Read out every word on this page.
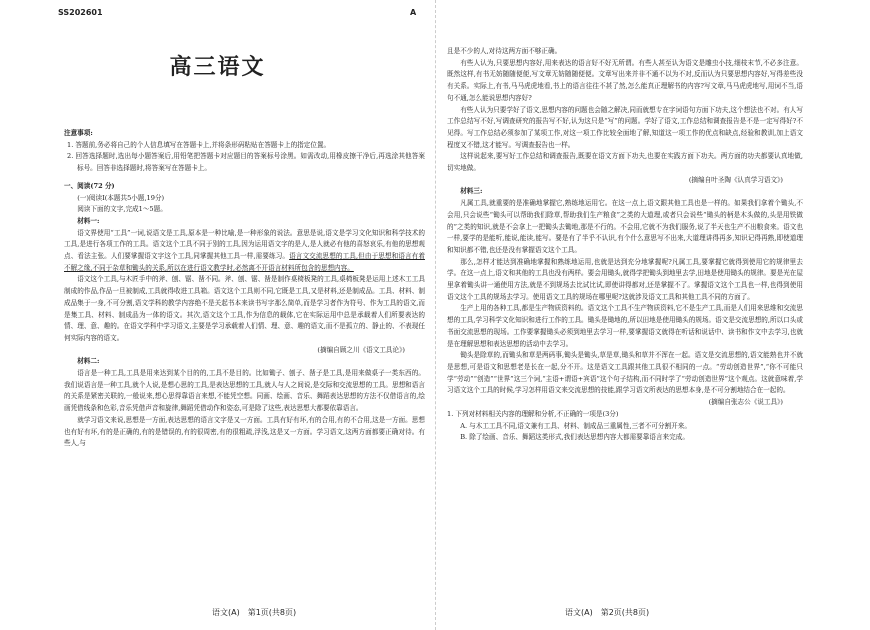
SS202601	A
高三语文
注意事项:
1. 答题前,务必将自己的个人信息填写在答题卡上,并将条形码粘贴在答题卡上的指定位置。
2. 回答选择题时,选出每小题答案后,用铅笔把答题卡对应题目的答案标号涂黑。如需改动,用橡皮擦干净后,再选涂其他答案标号。回答非选择题时,将答案写在答题卡上。
一、阅读(72 分)
(一)阅读Ⅰ(本题共5小题,19分)
阅读下面的文字,完成1～5题。
材料一:
语文界使用“工具”一词,说语文是工具,原本是一种比喻,是一种形象的说法。意思是说,语文是学习文化知识和科学技术的工具,是进行各项工作的工具。语文这个工具不同于别的工具,因为运用语文字的是人,是人就必有他的喜怒哀乐,有他的思想观点、看法主张。人们要掌握语文字这个工具,同掌握其他工具一样,需要练习。语言文交流思想的工具,但由于思想和语言有着不解之缘,不同于杂草和锄头的关系,所以在进行语文教学时,必然离不开语言材料所包含的思想内容。
语文这个工具,与木匠手中的斧、刨、锯、凿不同。斧、刨、锯、凿是制作桌椅板凳的工具,桌椅板凳是运用上述木工工具制成的作品,作品一旦被制成,工具就得收进工具箱。语文这个工具则不同,它既是工具,又是材料,还是制成品。工具、材料、制成品集于一身,不可分割,语文学科的教学内容绝不是关起书本来读书写字那么简单,而是学习者作为符号、作为工具的语文,而是集工具、材料、制成品为一体的语文。其次,语文这个工具,作为信息的载体,它在实际运用中总是承载着人们所要表达的情、理、意、趣的。在语文学科中学习语文,主要是学习承载着人们情、理、意、趣的语文,而不是孤立的、静止的、不表现任何实际内容的语文。
(摘编自顾之川《语文工具论》)
材料二:
语言是一种工具,工具是用来达到某个目的的,工具不是目的。比如锄子、刨子、凿子是工具,是用来做桌子一类东西的。我们说语言是一种工具,就个人说,是想心思的工具,是表达思想的工具,就人与人之间说,是交际和交流思想的工具。思想和语言的关系是紧密关联的,一般说来,想心思得靠语言来想,不能凭空想。同画、绘画、音乐、舞蹈表达思想的方法不仅借语言的,绘画凭借线条和色彩,音乐凭借声音和旋律,舞蹈凭借动作和姿态,可是除了这些,表达思想大都要依靠语言。
就学习语文来说,思想是一方面,表达思想的语言文字是又一方面。工具有好有坏,有的合用,有的不合用,这是一方面。思想也有好有坏,有的是正确的,有的是错误的,有的很周密,有的很粗疏,浮浅,这是又一方面。学习语文,这两方面都要正确对待。有些人,与
语文(A)　第1页(共8页)
且是不少的人,对待这两方面不够正确。
有些人认为,只要思想内容好,用来表达的语言好不好无所谓。有些人甚至认为语文是雕虫小技,细枝末节,不必多注意。既然这样,有书无妨随随便便,写文章无妨随随便便。文章写出来并非不通不以为不对,反而认为只要思想内容好,写得差些没有关系。实际上,有书,马马虎虎地看,书上的语言往往不甚了然,怎么能真正理解书的内容?写文章,马马虎虎地写,用词不当,语句不通,怎么能说思想内容好?
有些人认为只要学好了语文,思想内容的问题也会随之解决,同而就想专在字词语句方面下功夫,这个想法也不对。有人写工作总结写不好,写调查研究的报告写不好,认为这只是“写”的问题。学好了语文,工作总结和调查报告是不是一定写得好?不见得。写工作总结必须参加了某项工作,对这一项工作比较全面地了解,知道这一项工作的优点和缺点,经验和教训,加上语文程度又不错,这才能写。写调查报告也一样。
这样说起来,要写好工作总结和调查报告,既要在语文方面下功夫,也要在实践方面下功夫。两方面的功夫都要认真地做,切实地做。
(摘编自叶圣陶《认真学习语文》)
材料三:
凡属工具,就重要的是准确地掌握它,熟练地运用它。在这一点上,语文跟其他工具也是一样的。如果我们拿着个锄头,不会用,只会说些“锄头可以帮助我们除草,帮助我们生产粮食”之类的大道理,或者只会说些“锄头的柄是木头做的,头是用铁做的”之类的知识,就是不会拿上一把锄头去锄地,那是不行的。不会用,它就不为我们服务,说了半天也生产不出粮食来。语文也一样,要学的是能听,能说,能读,能写。要是有了半乎不认识,有个什么意思写不出来,大道理讲得再多,知识记得再熟,即使道理和知识都不错,也还是没有掌握语文这个工具。
那么,怎样才能达到准确地掌握和熟练地运用,也就是达到充分地掌握呢?凡属工具,要掌握它就得到使用它的规律里去学。在这一点上,语文和其他的工具也没有两样。要会用锄头,就得学把锄头到地里去学,田地是使用锄头的规律。要是光在屋里拿着锄头讲一通使用方法,就是不到规场去比试比试,即使讲得都对,还是掌握不了。掌握语文这个工具也一样,也得到使用语文这个工具的规场去学习。使用语文工具的规场在哪里呢?这就涉及语文工具和其他工具不同的方面了。
生产上用的各种工具,都是生产物质资料的。语文这个工具不生产物质资料,它不是生产工具,而是人们用来思维和交流思想的工具,学习科学文化知识和进行工作的工具。锄头是锄地的,所以田地是使用锄头的规场。语文是交流思想的,所以口头或书面交流思想的现场。工作要掌握锄头必须到地里去学习一样,要掌握语文就得在听话和说话中、读书和作文中去学习,也就是在理解思想和表达思想的活动中去学习。
锄头是除草的,而锄头和草是两码事,锄头是锄头,草是草,锄头和草并不浑在一起。语文是交流思想的,语文能熟也并不就是思想,可是语文和思想老是长在一起,分不开。这是语文工具跟其他工具很不相同的一点。“劳动创造世界”,“你不可能只学“劳动”“创造”“世界”这三个词,“主语+谓语+宾语”这个句子结构,而不同时学了“劳动创造世界”这个观点。这就意味着,学习语文这个工具的时候,学习怎样用语文来交流思想的技能,跟学习语文所表达的思想本身,是不可分割地结合在一起的。
(摘编自张志公《说工具》)
1. 下列对材料相关内容的理解和分析,不正确的一项是(3分)
A. 与木工工具不同,语文兼有工具、材料、制成品三重属性,三者不可分割开来。
B. 除了绘画、音乐、舞蹈这类形式,我们表达思想内容大都需要靠语言来完成。
语文(A)　第2页(共8页)
